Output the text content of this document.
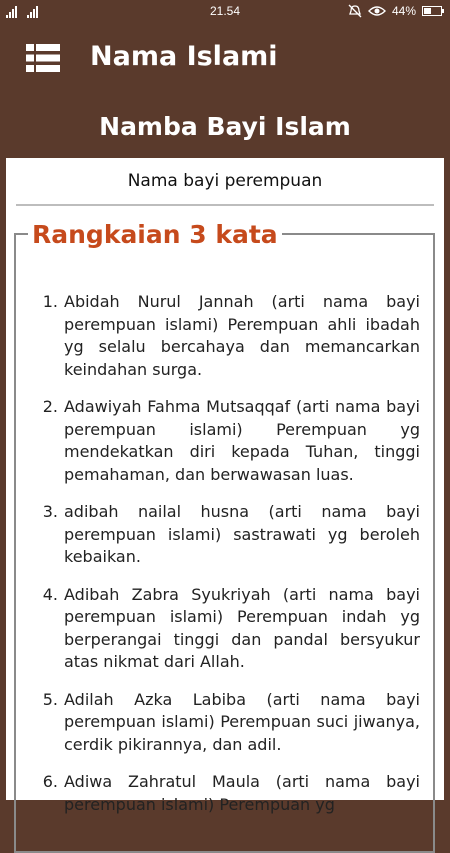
21.54	44%
Nama Islami
Namba Bayi Islam
Nama bayi perempuan
Rangkaian 3 kata
1. Abidah Nurul Jannah (arti nama bayi perempuan islami) Perempuan ahli ibadah yg selalu bercahaya dan memancarkan keindahan surga.
2. Adawiyah Fahma Mutsaqqaf (arti nama bayi perempuan islami) Perempuan yg mendekatkan diri kepada Tuhan, tinggi pemahaman, dan berwawasan luas.
3. adibah nailal husna (arti nama bayi perempuan islami) sastrawati yg beroleh kebaikan.
4. Adibah Zabra Syukriyah (arti nama bayi perempuan islami) Perempuan indah yg berperangai tinggi dan pandal bersyukur atas nikmat dari Allah.
5. Adilah Azka Labiba (arti nama bayi perempuan islami) Perempuan suci jiwanya, cerdik pikirannya, dan adil.
6. Adiwa Zahratul Maula (arti nama bayi perempuan islami) Perempuan yg
